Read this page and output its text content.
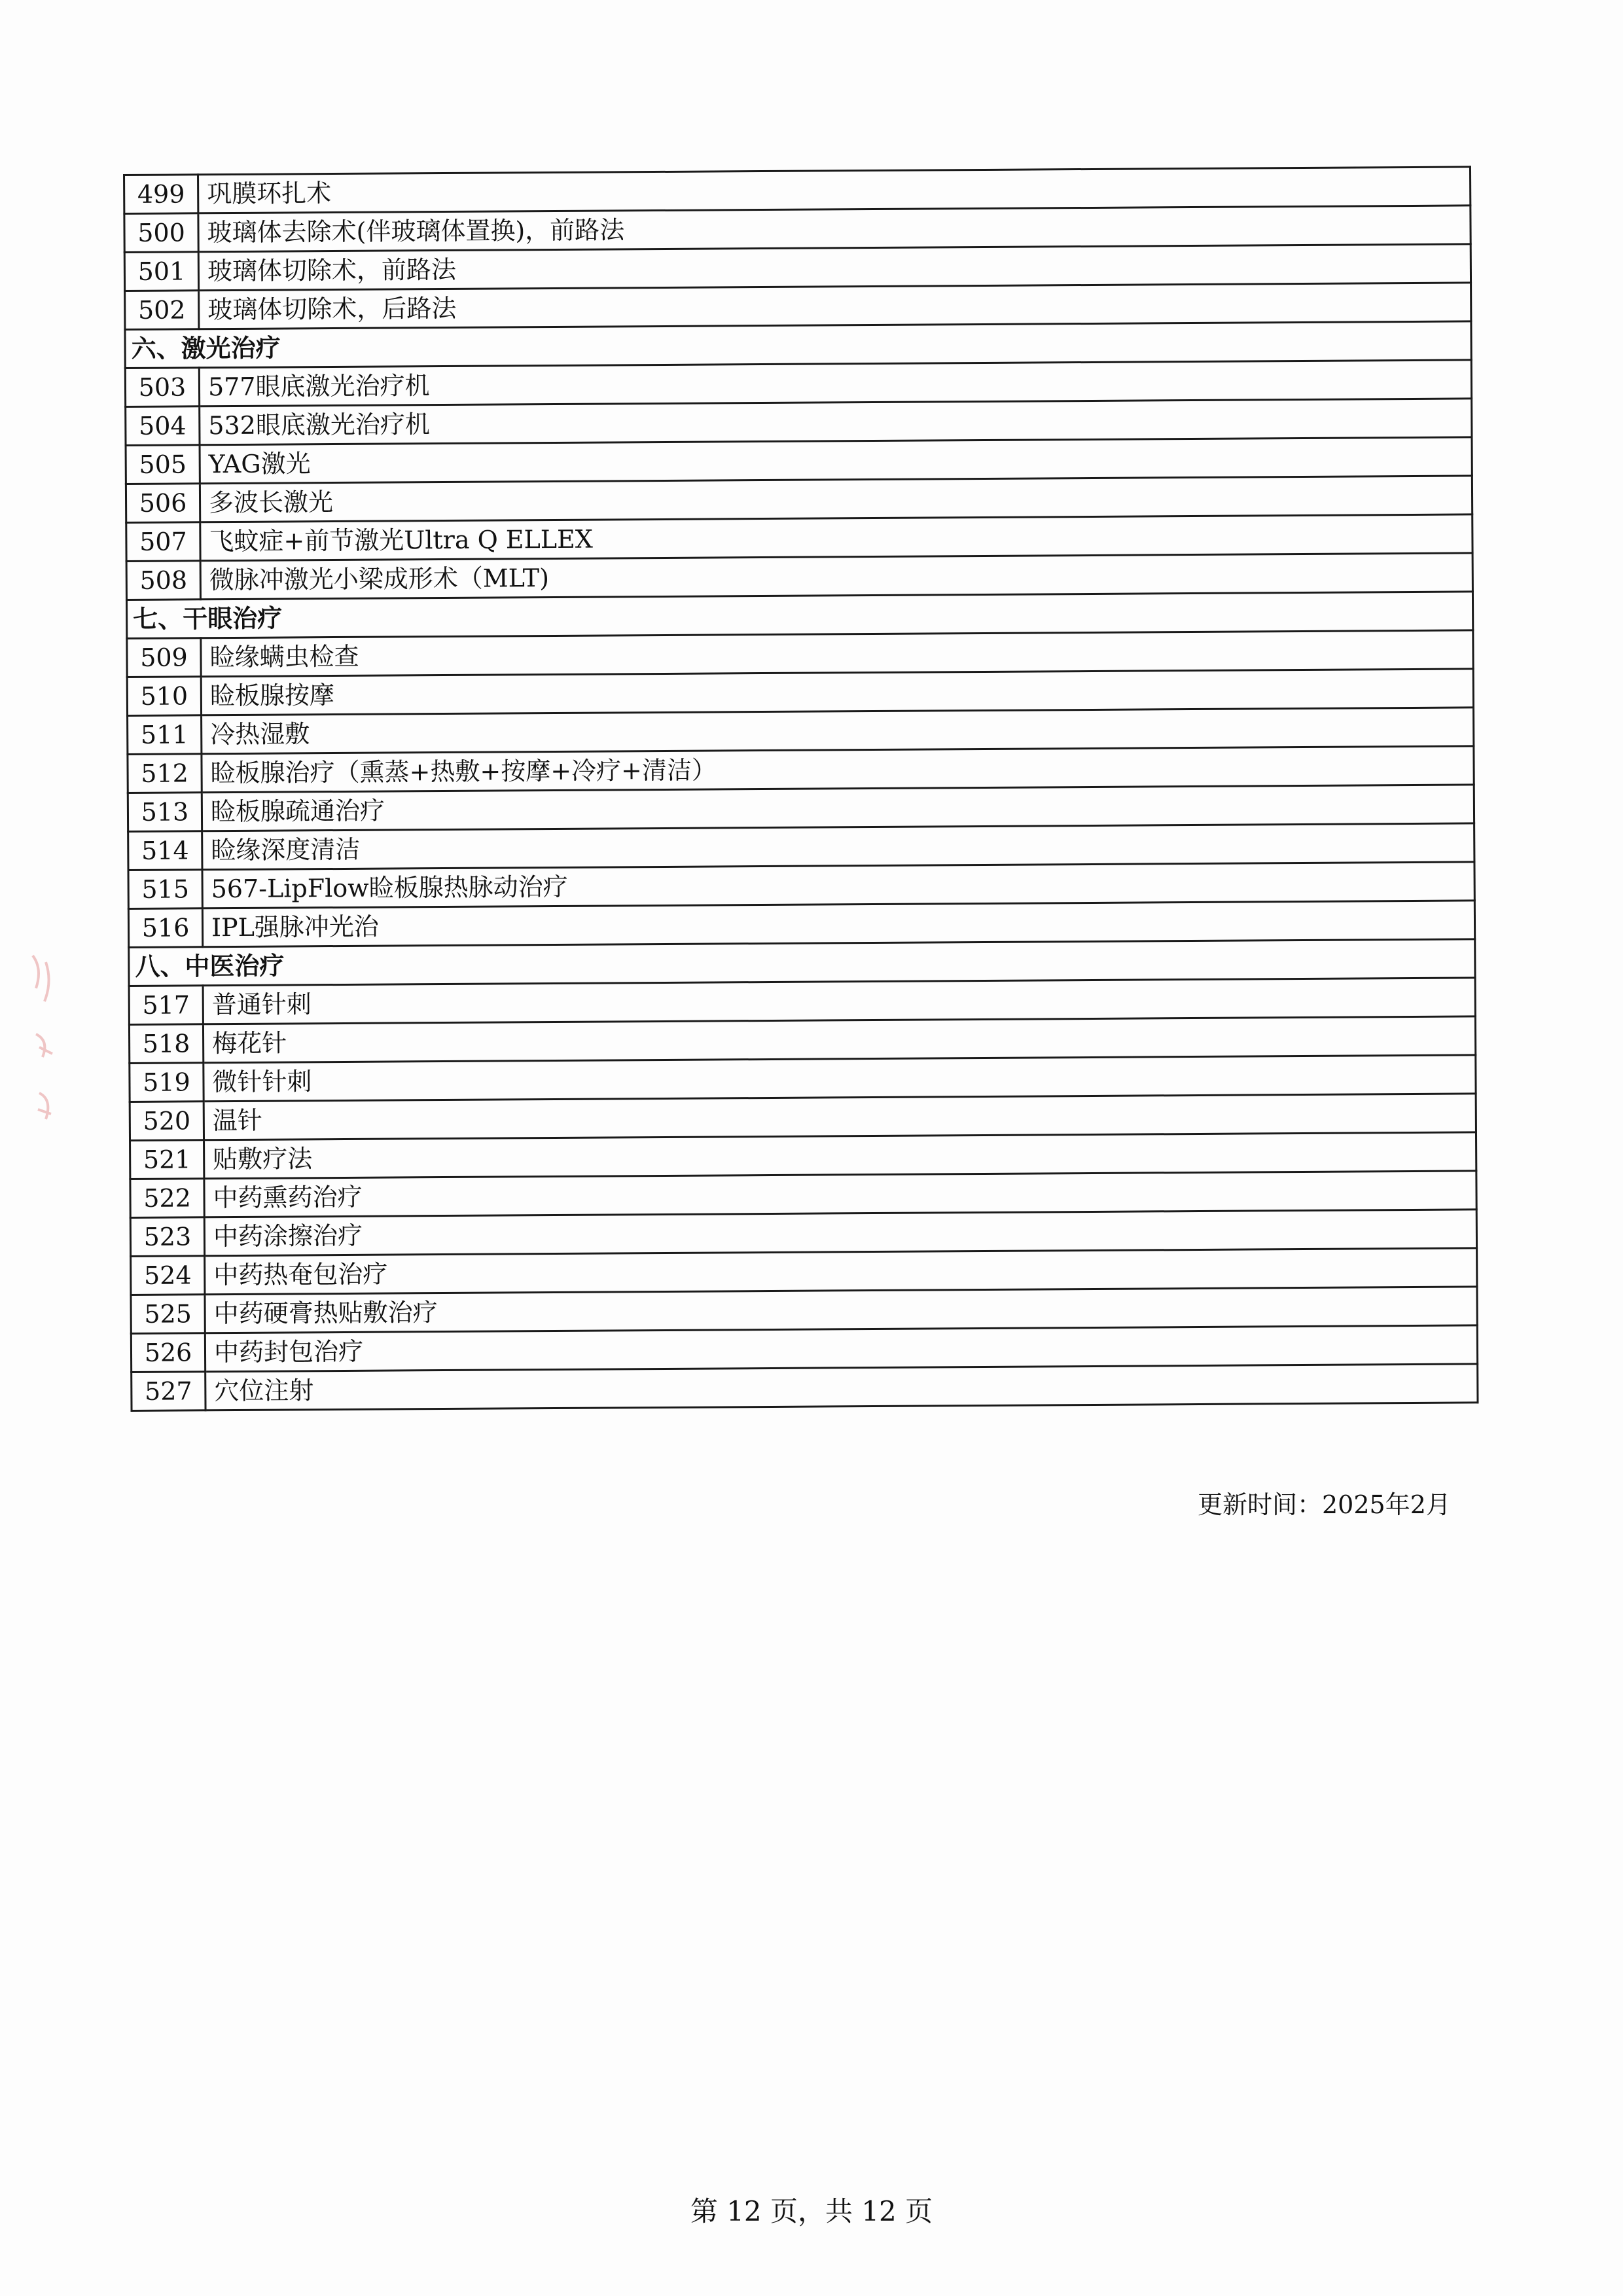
499	巩膜环扎术
500	玻璃体去除术(伴玻璃体置换)，前路法
501	玻璃体切除术，前路法
502	玻璃体切除术，后路法
六、激光治疗	
503	577眼底激光治疗机
504	532眼底激光治疗机
505	YAG激光
506	多波长激光
507	飞蚊症+前节激光Ultra Q ELLEX
508	微脉冲激光小梁成形术（MLT)
七、干眼治疗	
509	睑缘螨虫检查
510	睑板腺按摩
511	冷热湿敷
512	睑板腺治疗（熏蒸+热敷+按摩+冷疗+清洁）
513	睑板腺疏通治疗
514	睑缘深度清洁
515	567-LipFlow睑板腺热脉动治疗
516	IPL强脉冲光治
八、中医治疗	
517	普通针刺
518	梅花针
519	微针针刺
520	温针
521	贴敷疗法
522	中药熏药治疗
523	中药涂擦治疗
524	中药热奄包治疗
525	中药硬膏热贴敷治疗
526	中药封包治疗
527	穴位注射
更新时间：2025年2月
第 12 页，共 12 页
